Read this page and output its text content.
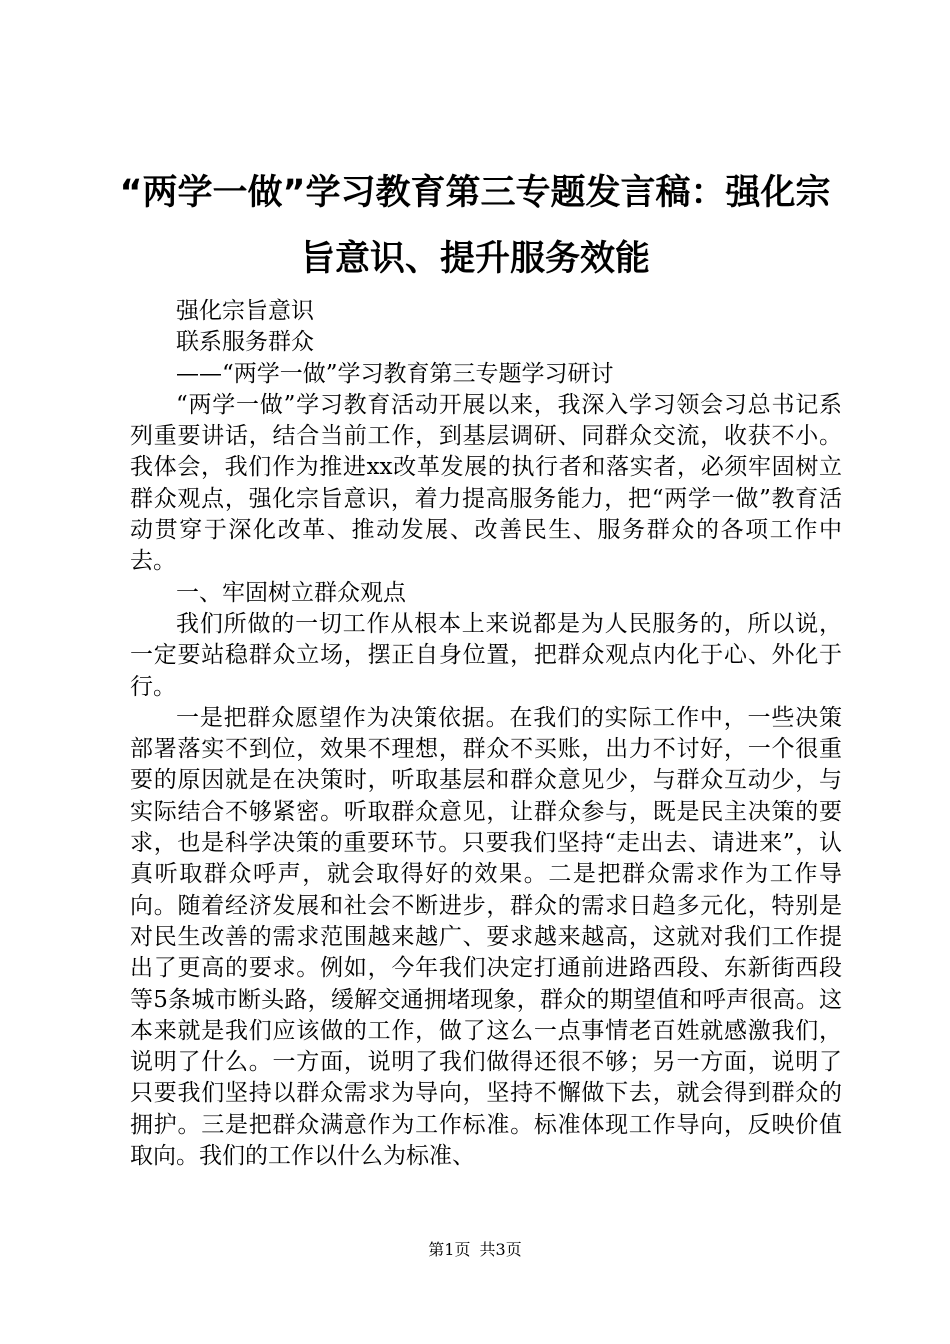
“两学一做”学习教育第三专题发言稿：强化宗旨意识、提升服务效能

强化宗旨意识

联系服务群众

——“两学一做”学习教育第三专题学习研讨

“两学一做”学习教育活动开展以来，我深入学习领会习总书记系列重要讲话，结合当前工作，到基层调研、同群众交流，收获不小。我体会，我们作为推进xx改革发展的执行者和落实者，必须牢固树立群众观点，强化宗旨意识，着力提高服务能力，把“两学一做”教育活动贯穿于深化改革、推动发展、改善民生、服务群众的各项工作中去。

一、牢固树立群众观点

我们所做的一切工作从根本上来说都是为人民服务的，所以说，一定要站稳群众立场，摆正自身位置，把群众观点内化于心、外化于行。

一是把群众愿望作为决策依据。在我们的实际工作中，一些决策部署落实不到位，效果不理想，群众不买账，出力不讨好，一个很重要的原因就是在决策时，听取基层和群众意见少，与群众互动少，与实际结合不够紧密。听取群众意见，让群众参与，既是民主决策的要求，也是科学决策的重要环节。只要我们坚持“走出去、请进来”，认真听取群众呼声，就会取得好的效果。二是把群众需求作为工作导向。随着经济发展和社会不断进步，群众的需求日趋多元化，特别是对民生改善的需求范围越来越广、要求越来越高，这就对我们工作提出了更高的要求。例如，今年我们决定打通前进路西段、东新街西段等5条城市断头路，缓解交通拥堵现象，群众的期望值和呼声很高。这本来就是我们应该做的工作，做了这么一点事情老百姓就感激我们，说明了什么。一方面，说明了我们做得还很不够；另一方面，说明了只要我们坚持以群众需求为导向，坚持不懈做下去，就会得到群众的拥护。三是把群众满意作为工作标准。标准体现工作导向，反映价值取向。我们的工作以什么为标准、

第1页 共3页
